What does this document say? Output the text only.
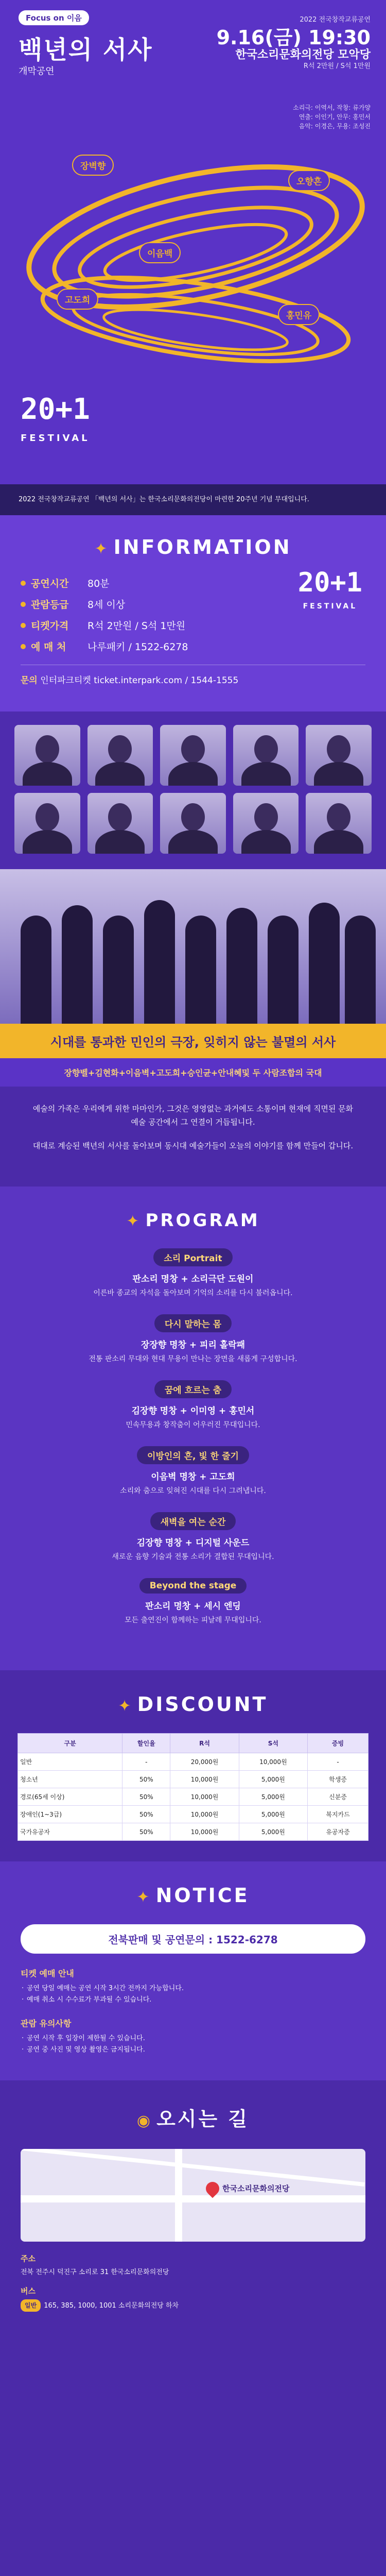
Focus on 이음
백년의 서사
개막공연
2022 전국창작교류공연
9.16(금) 19:30
한국소리문화의전당 모악당
R석 2만원 / S석 1만원
소리극: 이역서, 작창: 류가양
연출: 이인기, 안무: 홍민서
음악: 이경은, 무용: 조성진
장벽향
오향흔
이음백
고도희
홍민유
20+1
FESTIVAL
2022 전국창작교류공연 「백년의 서사」는 한국소리문화의전당이 마련한 20주년 기념 무대입니다.
✦ INFORMATION
공연시간	80분
관람등급	8세 이상
티켓가격	R석 2만원 / S석 1만원
예 매 처	나루패키 / 1522-6278
20+1
FESTIVAL
문의 인터파크티켓 ticket.interpark.com / 1544-1555
시대를 통과한 민인의 극장, 잊히지 않는 불멸의 서사
장향벨+김현화+이음벽+고도희+승인균+안내혜및 두 사람조합의 국대

예술의 가족은 우리에게 위한 마마인가, 그것은 영영없는 과거에도 소통이며 현재에 직면된 문화예술 공간에서 그 연결이 거듭됩니다.

대대로 계승된 백년의 서사를 돌아보며 동시대 예술가들이 오늘의 이야기를 함께 만들어 갑니다.

✦ PROGRAM
소리 Portrait
판소리 명창 + 소리극단 도원이
이른바 종교의 자석을 돌아보며 기억의 소리를 다시 불러옵니다.
다시 말하는 몸
장장향 명창 + 피리 홀락패
전통 판소리 무대와 현대 무용이 만나는 장면을 새롭게 구성합니다.
꿈에 흐르는 춤
김장향 명창 + 이미영 + 홍민서
민속무용과 창작춤이 어우러진 무대입니다.
이방인의 흔, 빛 한 줄기
이음벽 명창 + 고도희
소리와 춤으로 잊혀진 시대를 다시 그려냅니다.
새벽을 여는 순간
김장향 명창 + 디지털 사운드
새로운 음향 기술과 전통 소리가 결합된 무대입니다.
Beyond the stage
판소리 명창 + 세시 엔딩
모든 출연진이 함께하는 피날레 무대입니다.
✦ DISCOUNT
구분	할인율	R석	S석	증빙
일반	-	20,000원	10,000원	-
청소년	50%	10,000원	5,000원	학생증
경로(65세 이상)	50%	10,000원	5,000원	신분증
장애인(1~3급)	50%	10,000원	5,000원	복지카드
국가유공자	50%	10,000원	5,000원	유공자증
✦ NOTICE
전북판매 및 공연문의 : 1522-6278
티켓 예매 안내
· 공연 당일 예매는 공연 시작 3시간 전까지 가능합니다.
· 예매 취소 시 수수료가 부과될 수 있습니다.
관람 유의사항
· 공연 시작 후 입장이 제한될 수 있습니다.
· 공연 중 사진 및 영상 촬영은 금지됩니다.
◉ 오시는 길
한국소리문화의전당
주소
전북 전주시 덕진구 소리로 31 한국소리문화의전당
버스
일반 165, 385, 1000, 1001 소리문화의전당 하차
